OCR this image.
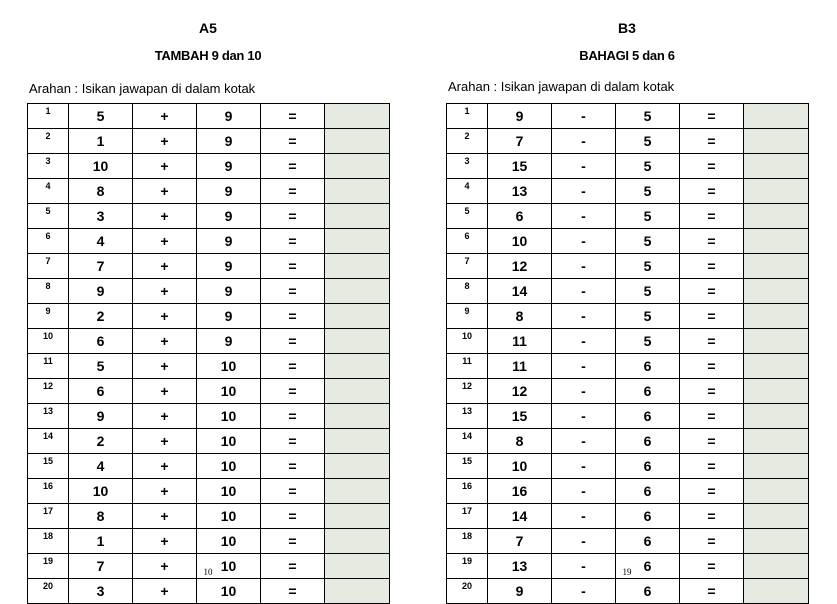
A5
TAMBAH 9 dan 10
Arahan : Isikan jawapan di dalam kotak
1	5	+	9	=	
2	1	+	9	=	
3	10	+	9	=	
4	8	+	9	=	
5	3	+	9	=	
6	4	+	9	=	
7	7	+	9	=	
8	9	+	9	=	
9	2	+	9	=	
10	6	+	9	=	
11	5	+	10	=	
12	6	+	10	=	
13	9	+	10	=	
14	2	+	10	=	
15	4	+	10	=	
16	10	+	10	=	
17	8	+	10	=	
18	1	+	10	=	
19	7	+	10	=	
20	3	+	10	=	
10
B3
BAHAGI 5 dan 6
Arahan : Isikan jawapan di dalam kotak
1	9	-	5	=	
2	7	-	5	=	
3	15	-	5	=	
4	13	-	5	=	
5	6	-	5	=	
6	10	-	5	=	
7	12	-	5	=	
8	14	-	5	=	
9	8	-	5	=	
10	11	-	5	=	
11	11	-	6	=	
12	12	-	6	=	
13	15	-	6	=	
14	8	-	6	=	
15	10	-	6	=	
16	16	-	6	=	
17	14	-	6	=	
18	7	-	6	=	
19	13	-	6	=	
20	9	-	6	=	
19
